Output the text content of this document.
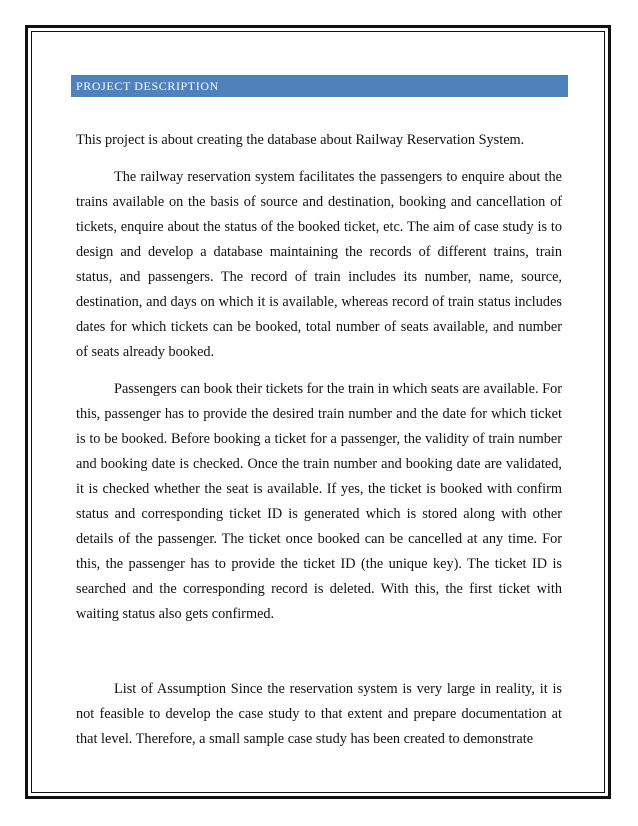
PROJECT DESCRIPTION

This project is about creating the database about Railway Reservation System.

The railway reservation system facilitates the passengers to enquire about the trains available on the basis of source and destination, booking and cancellation of tickets, enquire about the status of the booked ticket, etc. The aim of case study is to design and develop a database maintaining the records of different trains, train status, and passengers. The record of train includes its number, name, source, destination, and days on which it is available, whereas record of train status includes dates for which tickets can be booked, total number of seats available, and number of seats already booked.

Passengers can book their tickets for the train in which seats are available. For this, passenger has to provide the desired train number and the date for which ticket is to be booked. Before booking a ticket for a passenger, the validity of train number and booking date is checked. Once the train number and booking date are validated, it is checked whether the seat is available. If yes, the ticket is booked with confirm status and corresponding ticket ID is generated which is stored along with other details of the passenger. The ticket once booked can be cancelled at any time. For this, the passenger has to provide the ticket ID (the unique key). The ticket ID is searched and the corresponding record is deleted. With this, the first ticket with waiting status also gets confirmed.

List of Assumption Since the reservation system is very large in reality, it is not feasible to develop the case study to that extent and prepare documentation at that level. Therefore, a small sample case study has been created to demonstrate
